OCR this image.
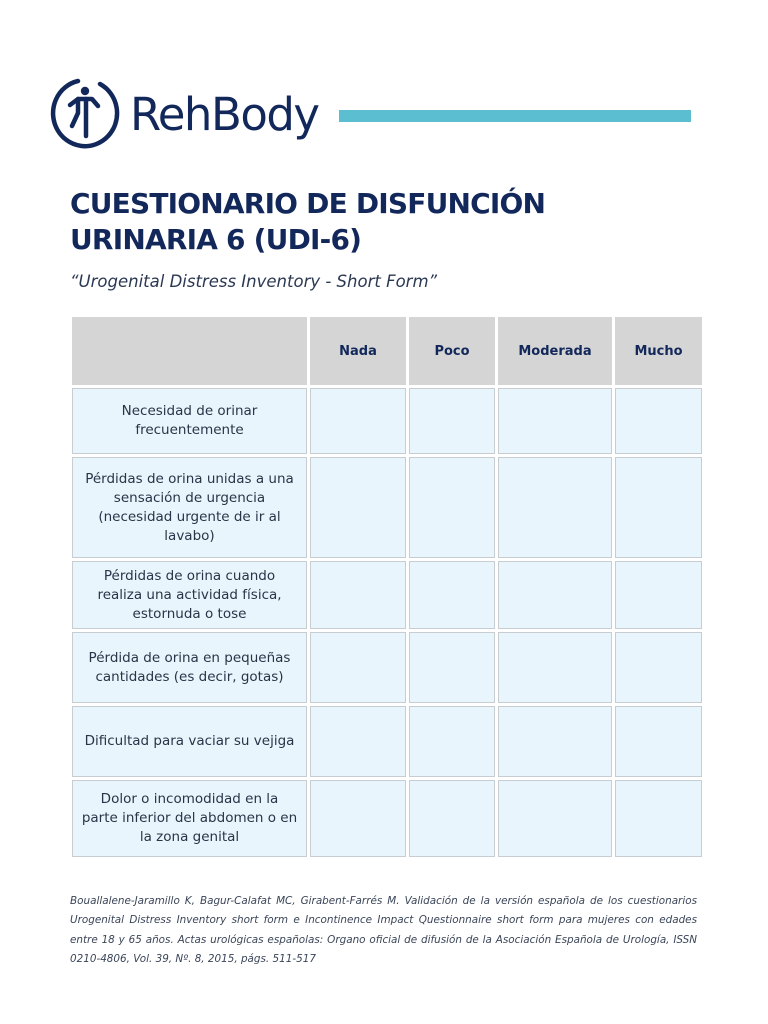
RehBody
CUESTIONARIO DE DISFUNCIÓN
URINARIA 6 (UDI-6)

“Urogenital Distress Inventory - Short Form”

	Nada	Poco	Moderada	Mucho
Necesidad de orinar frecuentemente				
Pérdidas de orina unidas a una sensación de urgencia (necesidad urgente de ir al lavabo)				
Pérdidas de orina cuando realiza una actividad física, estornuda o tose				
Pérdida de orina en pequeñas cantidades (es decir, gotas)				
Dificultad para vaciar su vejiga				
Dolor o incomodidad en la parte inferior del abdomen o en la zona genital				

Bouallalene-Jaramillo K, Bagur-Calafat MC, Girabent-Farrés M. Validación de la versión española de los cuestionarios Urogenital Distress Inventory short form e Incontinence Impact Questionnaire short form para mujeres con edades entre 18 y 65 años. Actas urológicas españolas: Organo oficial de difusión de la Asociación Española de Urología, ISSN 0210-4806, Vol. 39, Nº. 8, 2015, págs. 511-517
